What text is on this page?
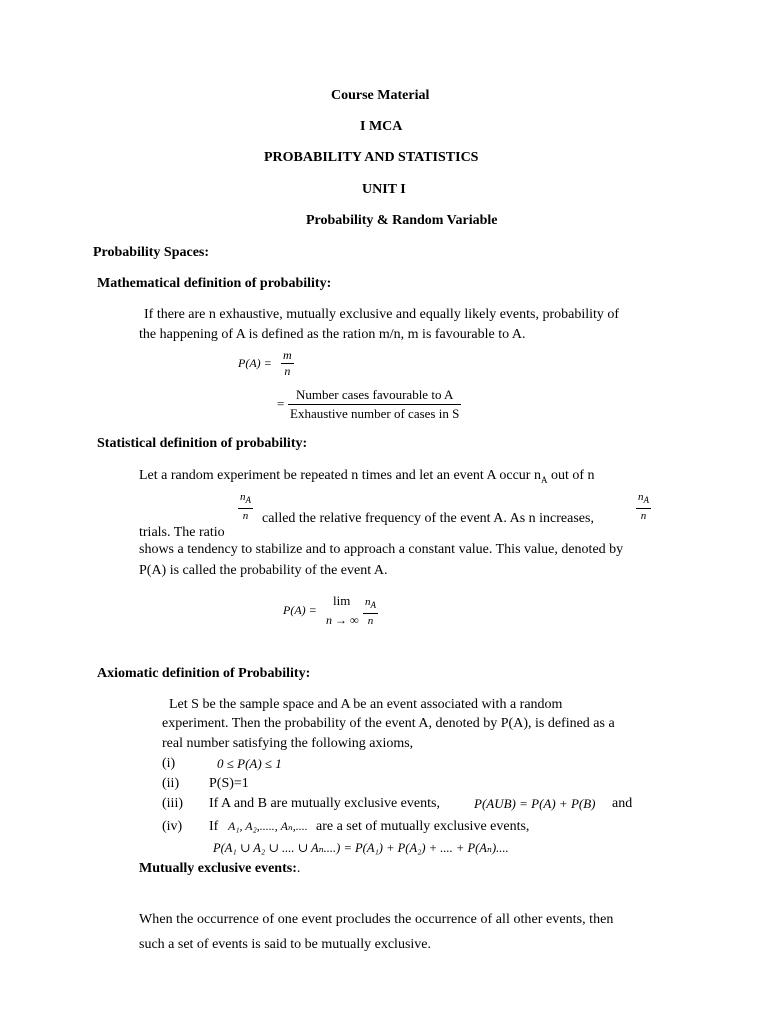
Course Material
I MCA
PROBABILITY AND STATISTICS
UNIT I
Probability & Random Variable
Probability Spaces:
Mathematical definition of probability:
If there are n exhaustive, mutually exclusive and equally likely events, probability of
the happening of A is defined as the ration m/n, m is favourable to A.
$P(A) = \frac{m}{n}$
=
Number cases favourable to A
Exhaustive number of cases in S
Statistical definition of probability:
Let a random experiment be repeated n times and let an event A occur $n_A$ out of n
$\frac{n_A}{n}$ called the relative frequency of the event A. As n increases,	$\frac{n_A}{n}$
trials. The ratio
shows a tendency to stabilize and to approach a constant value. This value, denoted by
P(A) is called the probability of the event A.
P(A) =
lim
n → ∞ $\frac{n_A}{n}$
Axiomatic definition of Probability:
Let S be the sample space and A be an event associated with a random
experiment. Then the probability of the event A, denoted by P(A), is defined as a
real number satisfying the following axioms,
(i)	0 ≤ P(A) ≤ 1
(ii) P(S)=1
(iii) If A and B are mutually exclusive events,	P(AUB) = P(A) + P(B) and
(iv) If A₁, A₂,....., Aₙ,.... are a set of mutually exclusive events,
P(A₁ ∪ A₂ ∪ .... ∪ Aₙ....) = P(A₁) + P(A₂) + .... + P(Aₙ)....
Mutually exclusive events:.
When the occurrence of one event procludes the occurrence of all other events, then
such a set of events is said to be mutually exclusive.
